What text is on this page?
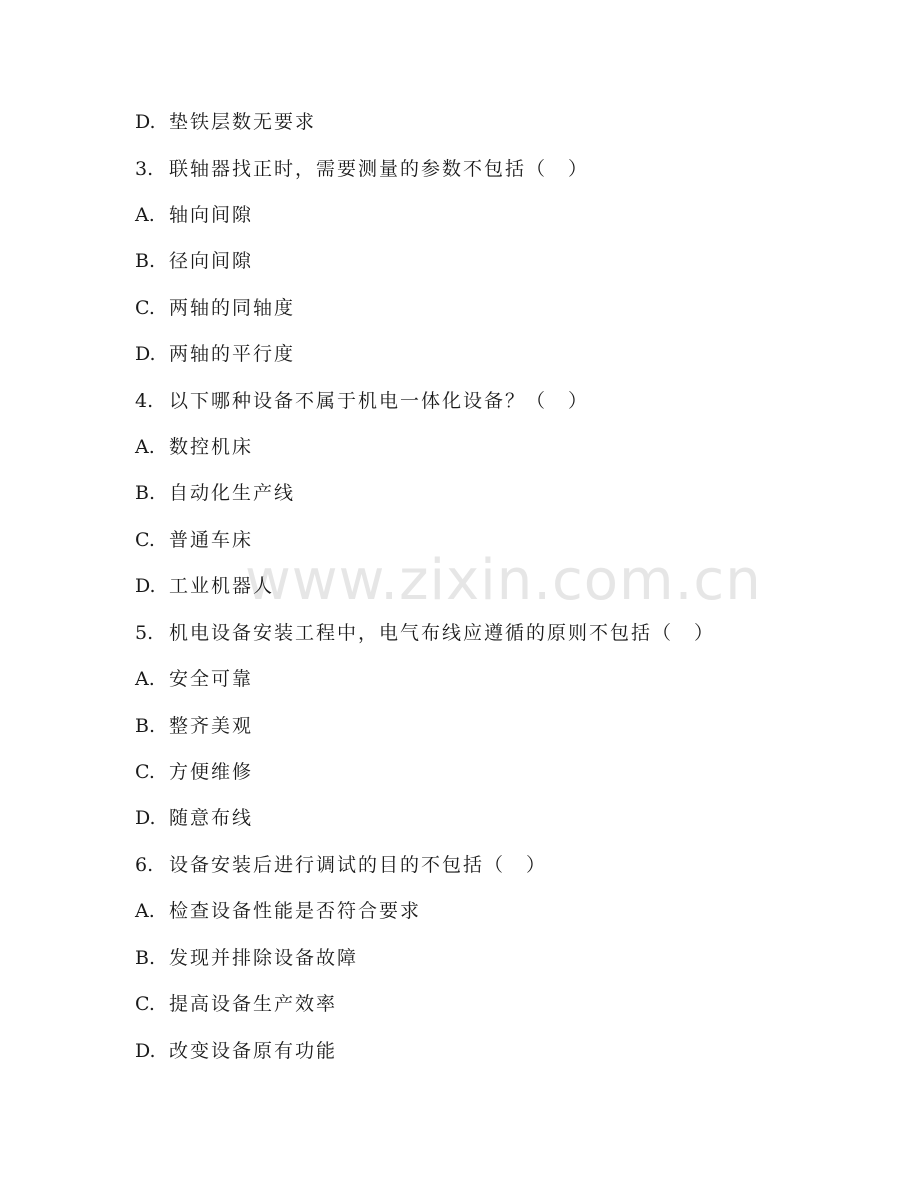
www.zixin.com.cn
D. 垫铁层数无要求
3. 联轴器找正时，需要测量的参数不包括（　）
A. 轴向间隙
B. 径向间隙
C. 两轴的同轴度
D. 两轴的平行度
4. 以下哪种设备不属于机电一体化设备？（　）
A. 数控机床
B. 自动化生产线
C. 普通车床
D. 工业机器人
5. 机电设备安装工程中，电气布线应遵循的原则不包括（　）
A. 安全可靠
B. 整齐美观
C. 方便维修
D. 随意布线
6. 设备安装后进行调试的目的不包括（　）
A. 检查设备性能是否符合要求
B. 发现并排除设备故障
C. 提高设备生产效率
D. 改变设备原有功能
